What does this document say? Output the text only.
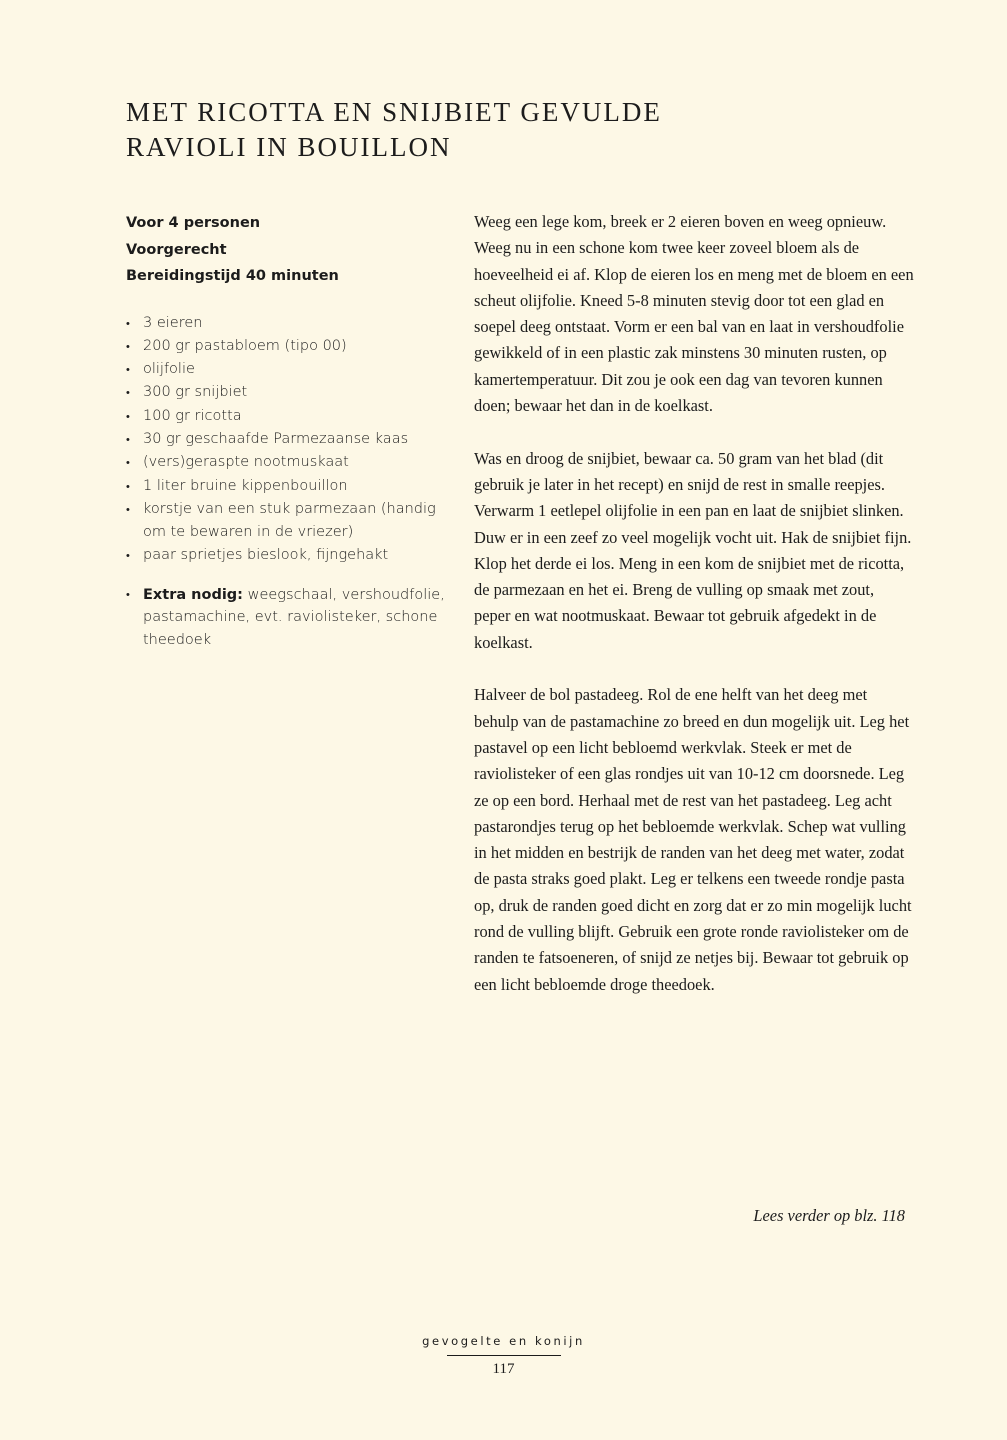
MET RICOTTA EN SNIJBIET GEVULDE
RAVIOLI IN BOUILLON
Voor 4 personen
Voorgerecht
Bereidingstijd 40 minuten
• 3 eieren
• 200 gr pastabloem (tipo 00)
• olijfolie
• 300 gr snijbiet
• 100 gr ricotta
• 30 gr geschaafde Parmezaanse kaas
• (vers)geraspte nootmuskaat
• 1 liter bruine kippenbouillon
• korstje van een stuk parmezaan (handig om te bewaren in de vriezer)
• paar sprietjes bieslook, fijngehakt
• Extra nodig: weegschaal, vershoudfolie, pastamachine, evt. raviolisteker, schone theedoek

Weeg een lege kom, breek er 2 eieren boven en weeg opnieuw. Weeg nu in een schone kom twee keer zoveel bloem als de hoeveelheid ei af. Klop de eieren los en meng met de bloem en een scheut olijfolie. Kneed 5-8 minuten stevig door tot een glad en soepel deeg ontstaat. Vorm er een bal van en laat in vershoudfolie gewikkeld of in een plastic zak minstens 30 minuten rusten, op kamertemperatuur. Dit zou je ook een dag van tevoren kunnen doen; bewaar het dan in de koelkast.

Was en droog de snijbiet, bewaar ca. 50 gram van het blad (dit gebruik je later in het recept) en snijd de rest in smalle reepjes. Verwarm 1 eetlepel olijfolie in een pan en laat de snijbiet slinken. Duw er in een zeef zo veel mogelijk vocht uit. Hak de snijbiet fijn. Klop het derde ei los. Meng in een kom de snijbiet met de ricotta, de parmezaan en het ei. Breng de vulling op smaak met zout, peper en wat nootmuskaat. Bewaar tot gebruik afgedekt in de koelkast.

Halveer de bol pastadeeg. Rol de ene helft van het deeg met behulp van de pastamachine zo breed en dun mogelijk uit. Leg het pastavel op een licht bebloemd werkvlak. Steek er met de raviolisteker of een glas rondjes uit van 10-12 cm doorsnede. Leg ze op een bord. Herhaal met de rest van het pastadeeg. Leg acht pastarondjes terug op het bebloemde werkvlak. Schep wat vulling in het midden en bestrijk de randen van het deeg met water, zodat de pasta straks goed plakt. Leg er telkens een tweede rondje pasta op, druk de randen goed dicht en zorg dat er zo min mogelijk lucht rond de vulling blijft. Gebruik een grote ronde raviolisteker om de randen te fatsoeneren, of snijd ze netjes bij. Bewaar tot gebruik op een licht bebloemde droge theedoek.

Lees verder op blz. 118
gevogelte en konijn
117
